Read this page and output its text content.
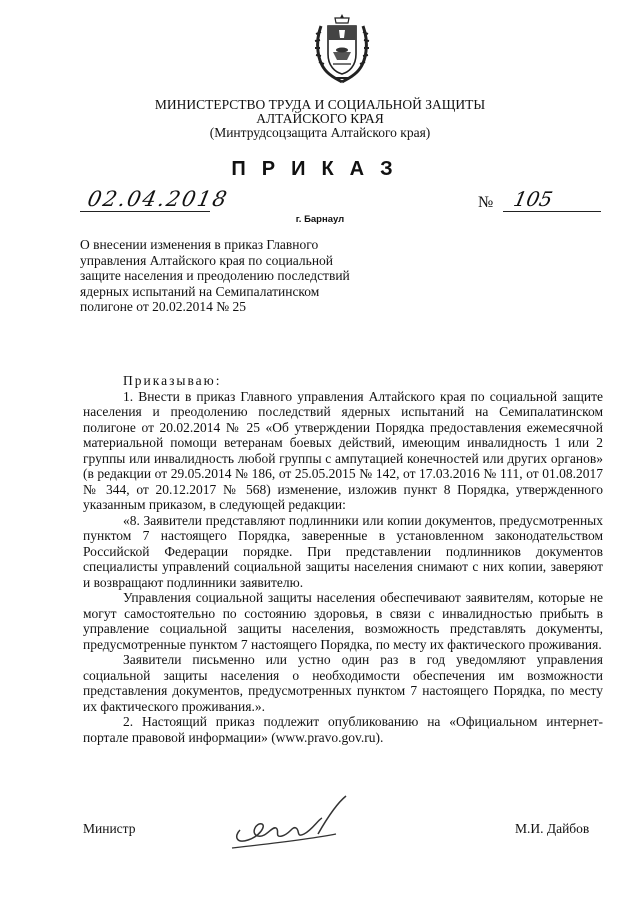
МИНИСТЕРСТВО ТРУДА И СОЦИАЛЬНОЙ ЗАЩИТЫ
АЛТАЙСКОГО КРАЯ
(Минтрудсоцзащита Алтайского края)
ПРИКАЗ
02.04.2018	№ 105
г. Барнаул
О внесении изменения в приказ Главного управления Алтайского края по социальной защите населения и преодолению последствий ядерных испытаний на Семипалатинском полигоне от 20.02.2014 № 25

Приказываю:

1. Внести в приказ Главного управления Алтайского края по социальной защите населения и преодолению последствий ядерных испытаний на Семипалатинском полигоне от 20.02.2014 № 25 «Об утверждении Порядка предоставления ежемесячной материальной помощи ветеранам боевых действий, имеющим инвалидность 1 или 2 группы или инвалидность любой группы с ампутацией конечностей или других органов» (в редакции от 29.05.2014 № 186, от 25.05.2015 № 142, от 17.03.2016 № 111, от 01.08.2017 № 344, от 20.12.2017 № 568) изменение, изложив пункт 8 Порядка, утвержденного указанным приказом, в следующей редакции:

«8. Заявители представляют подлинники или копии документов, предусмотренных пунктом 7 настоящего Порядка, заверенные в установленном законодательством Российской Федерации порядке. При представлении подлинников документов специалисты управлений социальной защиты населения снимают с них копии, заверяют и возвращают подлинники заявителю.

Управления социальной защиты населения обеспечивают заявителям, которые не могут самостоятельно по состоянию здоровья, в связи с инвалидностью прибыть в управление социальной защиты населения, возможность представлять документы, предусмотренные пунктом 7 настоящего Порядка, по месту их фактического проживания.

Заявители письменно или устно один раз в год уведомляют управления социальной защиты населения о необходимости обеспечения им возможности представления документов, предусмотренных пунктом 7 настоящего Порядка, по месту их фактического проживания.».

2. Настоящий приказ подлежит опубликованию на «Официальном интернет-портале правовой информации» (www.pravo.gov.ru).

Министр	М.И. Дайбов
